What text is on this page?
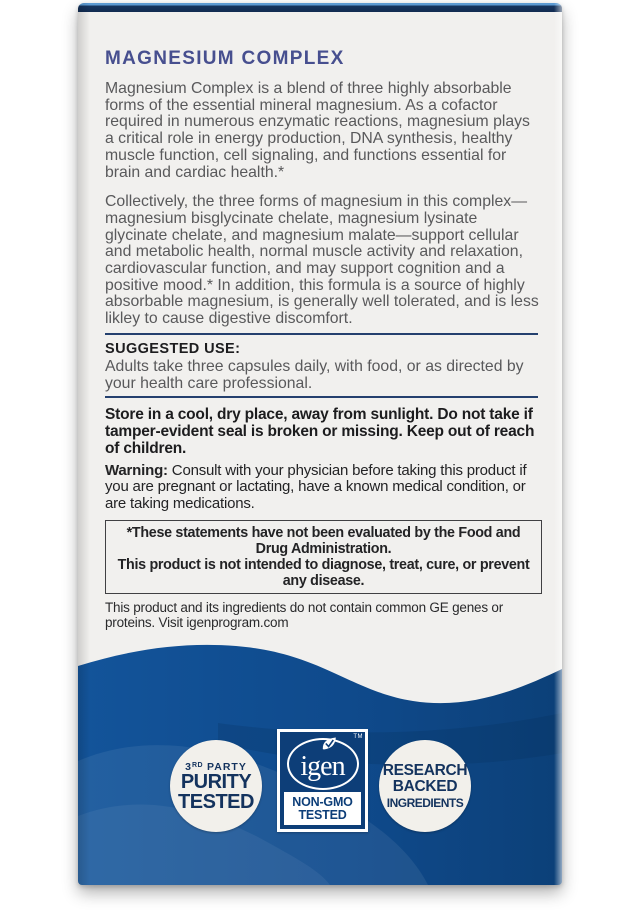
MAGNESIUM COMPLEX

Magnesium Complex is a blend of three highly absorbable forms of the essential mineral magnesium. As a cofactor required in numerous enzymatic reactions, magnesium plays a critical role in energy production, DNA synthesis, healthy muscle function, cell signaling, and functions essential for brain and cardiac health.*

Collectively, the three forms of magnesium in this complex—magnesium bisglycinate chelate, magnesium lysinate glycinate chelate, and magnesium malate—support cellular and metabolic health, normal muscle activity and relaxation, cardiovascular function, and may support cognition and a positive mood.* In addition, this formula is a source of highly absorbable magnesium, is generally well tolerated, and is less likley to cause digestive discomfort.

SUGGESTED USE:

Adults take three capsules daily, with food, or as directed by your health care professional.

Store in a cool, dry place, away from sunlight. Do not take if tamper-evident seal is broken or missing. Keep out of reach of children.

Warning: Consult with your physician before taking this product if you are pregnant or lactating, have a known medical condition, or are taking medications.

*These statements have not been evaluated by the Food and Drug Administration.
This product is not intended to diagnose, treat, cure, or prevent any disease.

This product and its ingredients do not contain common GE genes or proteins. Visit igenprogram.com

3RD PARTY
PURITY
TESTED
TM
igen
NON-GMO
TESTED
RESEARCH
BACKED
INGREDIENTS
